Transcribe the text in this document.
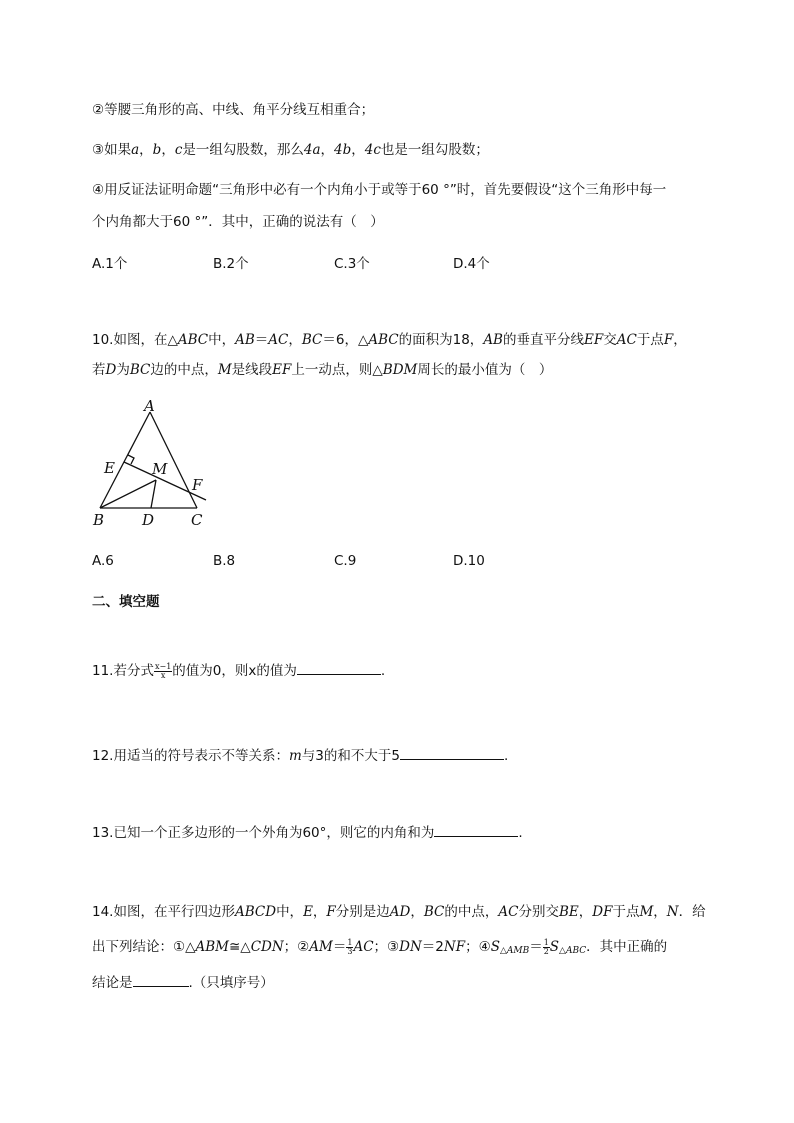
②等腰三角形的高、中线、角平分线互相重合；
③如果a，b，c是一组勾股数，那么4a，4b，4c也是一组勾股数；
④用反证法证明命题“三角形中必有一个内角小于或等于60 °”时，首先要假设“这个三角形中每一
个内角都大于60 °”．其中，正确的说法有（　）
A.1个	B.2个	C.3个	D.4个
10.如图，在△ABC中，AB＝AC，BC＝6，△ABC的面积为18，AB的垂直平分线EF交AC于点F，
若D为BC边的中点，M是线段EF上一动点，则△BDM周长的最小值为（　）
A
B	C
D
E
F
M
A.6	B.8	C.9	D.10
二、填空题
11.若分式 $\frac{x-1}{x}$ 的值为0，则x的值为	.
12.用适当的符号表示不等关系：m与3的和不大于5	.
13.已知一个正多边形的一个外角为60°，则它的内角和为	.
14.如图，在平行四边形ABCD中，E，F分别是边AD，BC的中点，AC分别交BE，DF于点M，N．给
出下列结论：①△ABM≅△CDN；②AM＝ $\frac{1}{3}$ AC；③DN＝2NF；$④S_{\triangle AMB}= \frac{1}{2} S_{\triangle ABC}$．其中正确的
结论是	.（只填序号）
